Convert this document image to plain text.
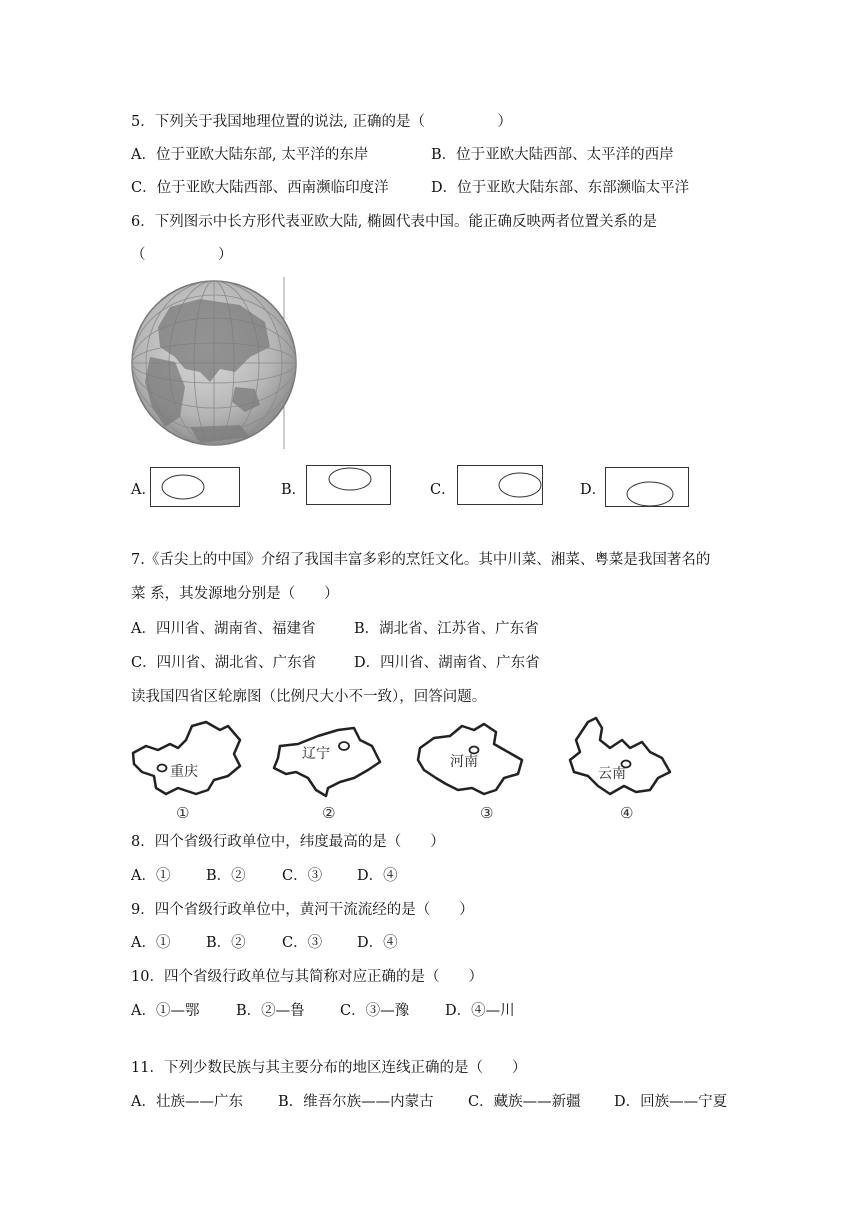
5．下列关于我国地理位置的说法, 正确的是（　　　　　）
A．位于亚欧大陆东部, 太平洋的东岸	B．位于亚欧大陆西部、太平洋的西岸
C．位于亚欧大陆西部、西南濒临印度洋	D．位于亚欧大陆东部、东部濒临太平洋
6．下列图示中长方形代表亚欧大陆, 椭圆代表中国。能正确反映两者位置关系的是
（　　　　　）
A．	B．	C．	D．
7.《舌尖上的中国》介绍了我国丰富多彩的烹饪文化。其中川菜、湘菜、粤菜是我国著名的
菜 系，其发源地分别是（　　）
A．四川省、湖南省、福建省	B．湖北省、江苏省、广东省
C．四川省、湖北省、广东省	D．四川省、湖南省、广东省
读我国四省区轮廓图（比例尺大小不一致），回答问题。
重庆
①
辽宁
②
河南
③
云南
④
8．四个省级行政单位中，纬度最高的是（　　）
A．① B．②	C．③ D．④
9．四个省级行政单位中，黄河干流流经的是（　　）
A．① B．②	C．③ D．④
10．四个省级行政单位与其简称对应正确的是（　　）
A．①—鄂	B．②—鲁 C．③—豫 D．④—川
11．下列少数民族与其主要分布的地区连线正确的是（　　）
A．壮族——广东 B．维吾尔族——内蒙古 C．藏族——新疆 D．回族——宁夏
